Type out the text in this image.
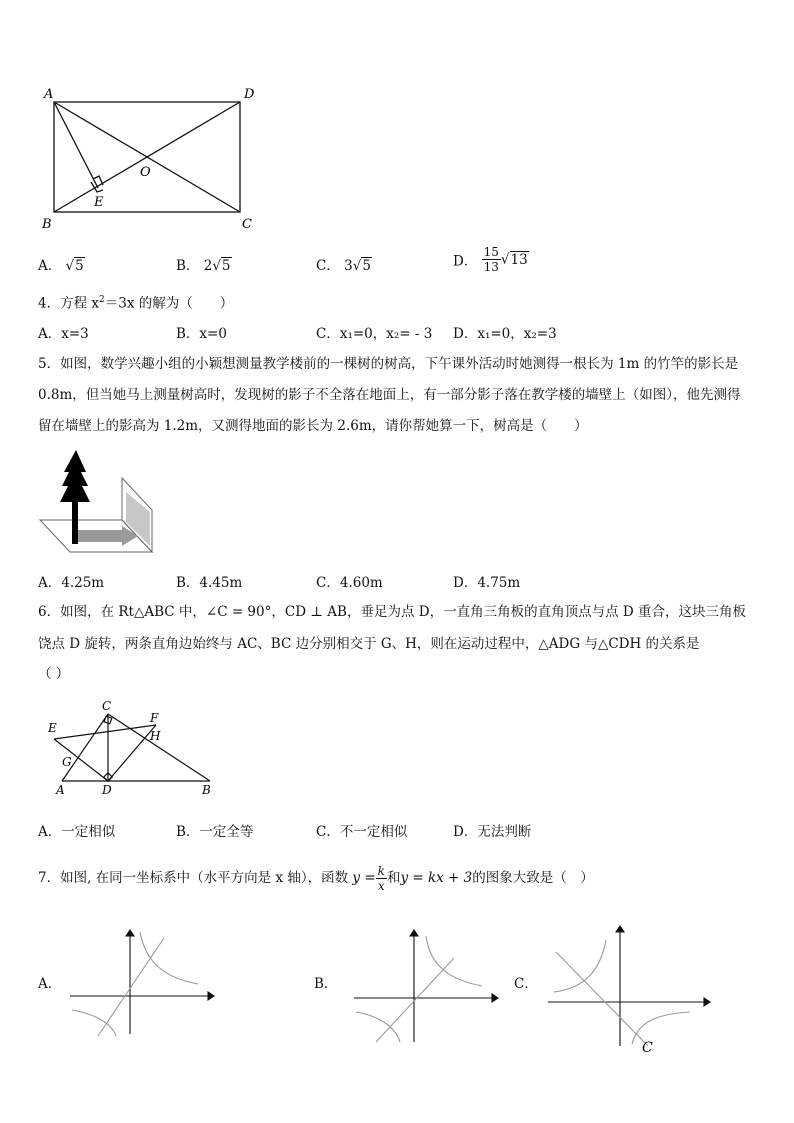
A	D
B	C
O
E
A． √5	B． 2√5	C． 3√5	D． $\frac{15}{13} √13$
4．方程 $x^2=3x$ 的解为（　　）
A．x=3	B．x=0	C．x₁=0，x₂= - 3 D．x₁=0，x₂=3
5．如图，数学兴趣小组的小颖想测量教学楼前的一棵树的树高，下午课外活动时她测得一根长为 1m 的竹竿的影长是
0.8m，但当她马上测量树高时，发现树的影子不全落在地面上，有一部分影子落在教学楼的墙壁上（如图），他先测得
留在墙壁上的影高为 1.2m，又测得地面的影长为 2.6m，请你帮她算一下，树高是（　　）
A．4.25m	B．4.45m	C．4.60m	D．4.75m
6．如图，在 Rt△ABC 中，∠C = 90°，CD ⊥ AB，垂足为点 D，一直角三角板的直角顶点与点 D 重合，这块三角板
饶点 D 旋转，两条直角边始终与 AC、BC 边分别相交于 G、H，则在运动过程中，△ADG 与△CDH 的关系是
（ ）
C
E
F
H
G
A	D	B
A．一定相似	B．一定全等	C．不一定相似	D．无法判断
7．如图, 在同一坐标系中（水平方向是 x 轴），函数 $y = \frac{k}{x}$ 和y = kx + 3的图象大致是（　）
A．	B．	C．
C
